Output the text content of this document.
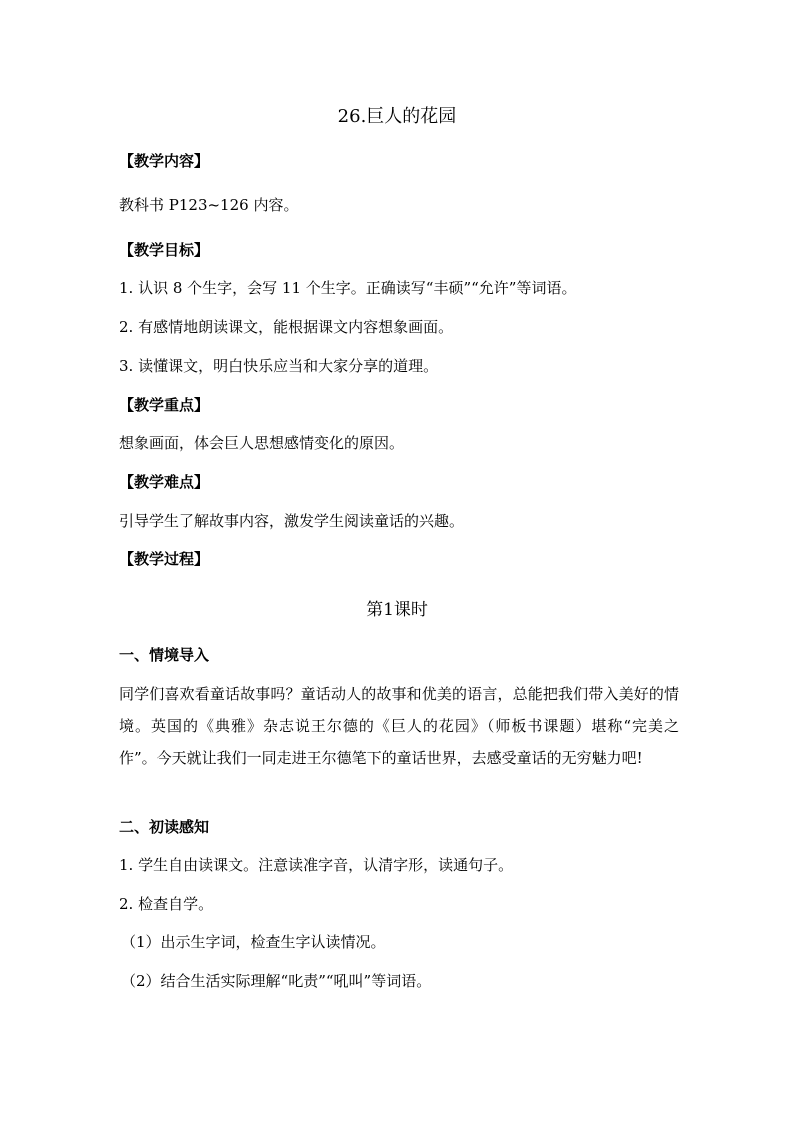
26.巨人的花园
【教学内容】
教科书 P123~126 内容。
【教学目标】
1. 认识 8 个生字，会写 11 个生字。正确读写“丰硕”“允许”等词语。
2. 有感情地朗读课文，能根据课文内容想象画面。
3. 读懂课文，明白快乐应当和大家分享的道理。
【教学重点】
想象画面，体会巨人思想感情变化的原因。
【教学难点】
引导学生了解故事内容，激发学生阅读童话的兴趣。
【教学过程】
第1课时
一、情境导入
同学们喜欢看童话故事吗？童话动人的故事和优美的语言，总能把我们带入美好的情境。英国的《典雅》杂志说王尔德的《巨人的花园》（师板书课题）堪称“完美之作”。今天就让我们一同走进王尔德笔下的童话世界，去感受童话的无穷魅力吧!
二、初读感知
1. 学生自由读课文。注意读准字音，认清字形，读通句子。
2. 检查自学。
（1）出示生字词，检查生字认读情况。
（2）结合生活实际理解“叱责”“吼叫”等词语。
